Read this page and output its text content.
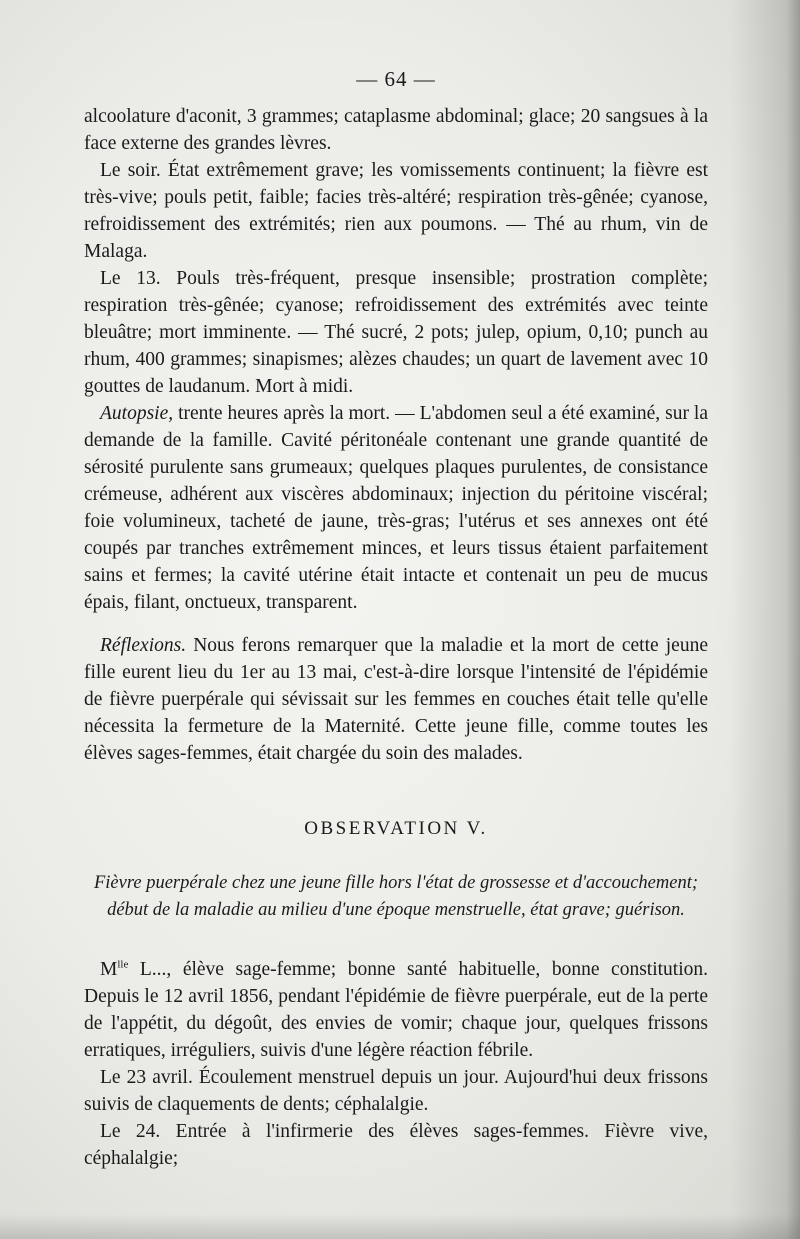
— 64 —

alcoolature d'aconit, 3 grammes; cataplasme abdominal; glace; 20 sangsues à la face externe des grandes lèvres.

Le soir. État extrêmement grave; les vomissements continuent; la fièvre est très-vive; pouls petit, faible; facies très-altéré; respiration très-gênée; cyanose, refroidissement des extrémités; rien aux poumons. — Thé au rhum, vin de Malaga.

Le 13. Pouls très-fréquent, presque insensible; prostration complète; respiration très-gênée; cyanose; refroidissement des extrémités avec teinte bleuâtre; mort imminente. — Thé sucré, 2 pots; julep, opium, 0,10; punch au rhum, 400 grammes; sinapismes; alèzes chaudes; un quart de lavement avec 10 gouttes de laudanum. Mort à midi.

Autopsie, trente heures après la mort. — L'abdomen seul a été examiné, sur la demande de la famille. Cavité péritonéale contenant une grande quantité de sérosité purulente sans grumeaux; quelques plaques purulentes, de consistance crémeuse, adhérent aux viscères abdominaux; injection du péritoine viscéral; foie volumineux, tacheté de jaune, très-gras; l'utérus et ses annexes ont été coupés par tranches extrêmement minces, et leurs tissus étaient parfaitement sains et fermes; la cavité utérine était intacte et contenait un peu de mucus épais, filant, onctueux, transparent.

Réflexions. Nous ferons remarquer que la maladie et la mort de cette jeune fille eurent lieu du 1er au 13 mai, c'est-à-dire lorsque l'intensité de l'épidémie de fièvre puerpérale qui sévissait sur les femmes en couches était telle qu'elle nécessita la fermeture de la Maternité. Cette jeune fille, comme toutes les élèves sages-femmes, était chargée du soin des malades.

OBSERVATION V.
Fièvre puerpérale chez une jeune fille hors l'état de grossesse et d'accouchement;
début de la maladie au milieu d'une époque menstruelle, état grave; guérison.

$M^{lle}$ L..., élève sage-femme; bonne santé habituelle, bonne constitution. Depuis le 12 avril 1856, pendant l'épidémie de fièvre puerpérale, eut de la perte de l'appétit, du dégoût, des envies de vomir; chaque jour, quelques frissons erratiques, irréguliers, suivis d'une légère réaction fébrile.

Le 23 avril. Écoulement menstruel depuis un jour. Aujourd'hui deux frissons suivis de claquements de dents; céphalalgie.

Le 24. Entrée à l'infirmerie des élèves sages-femmes. Fièvre vive, céphalalgie;
